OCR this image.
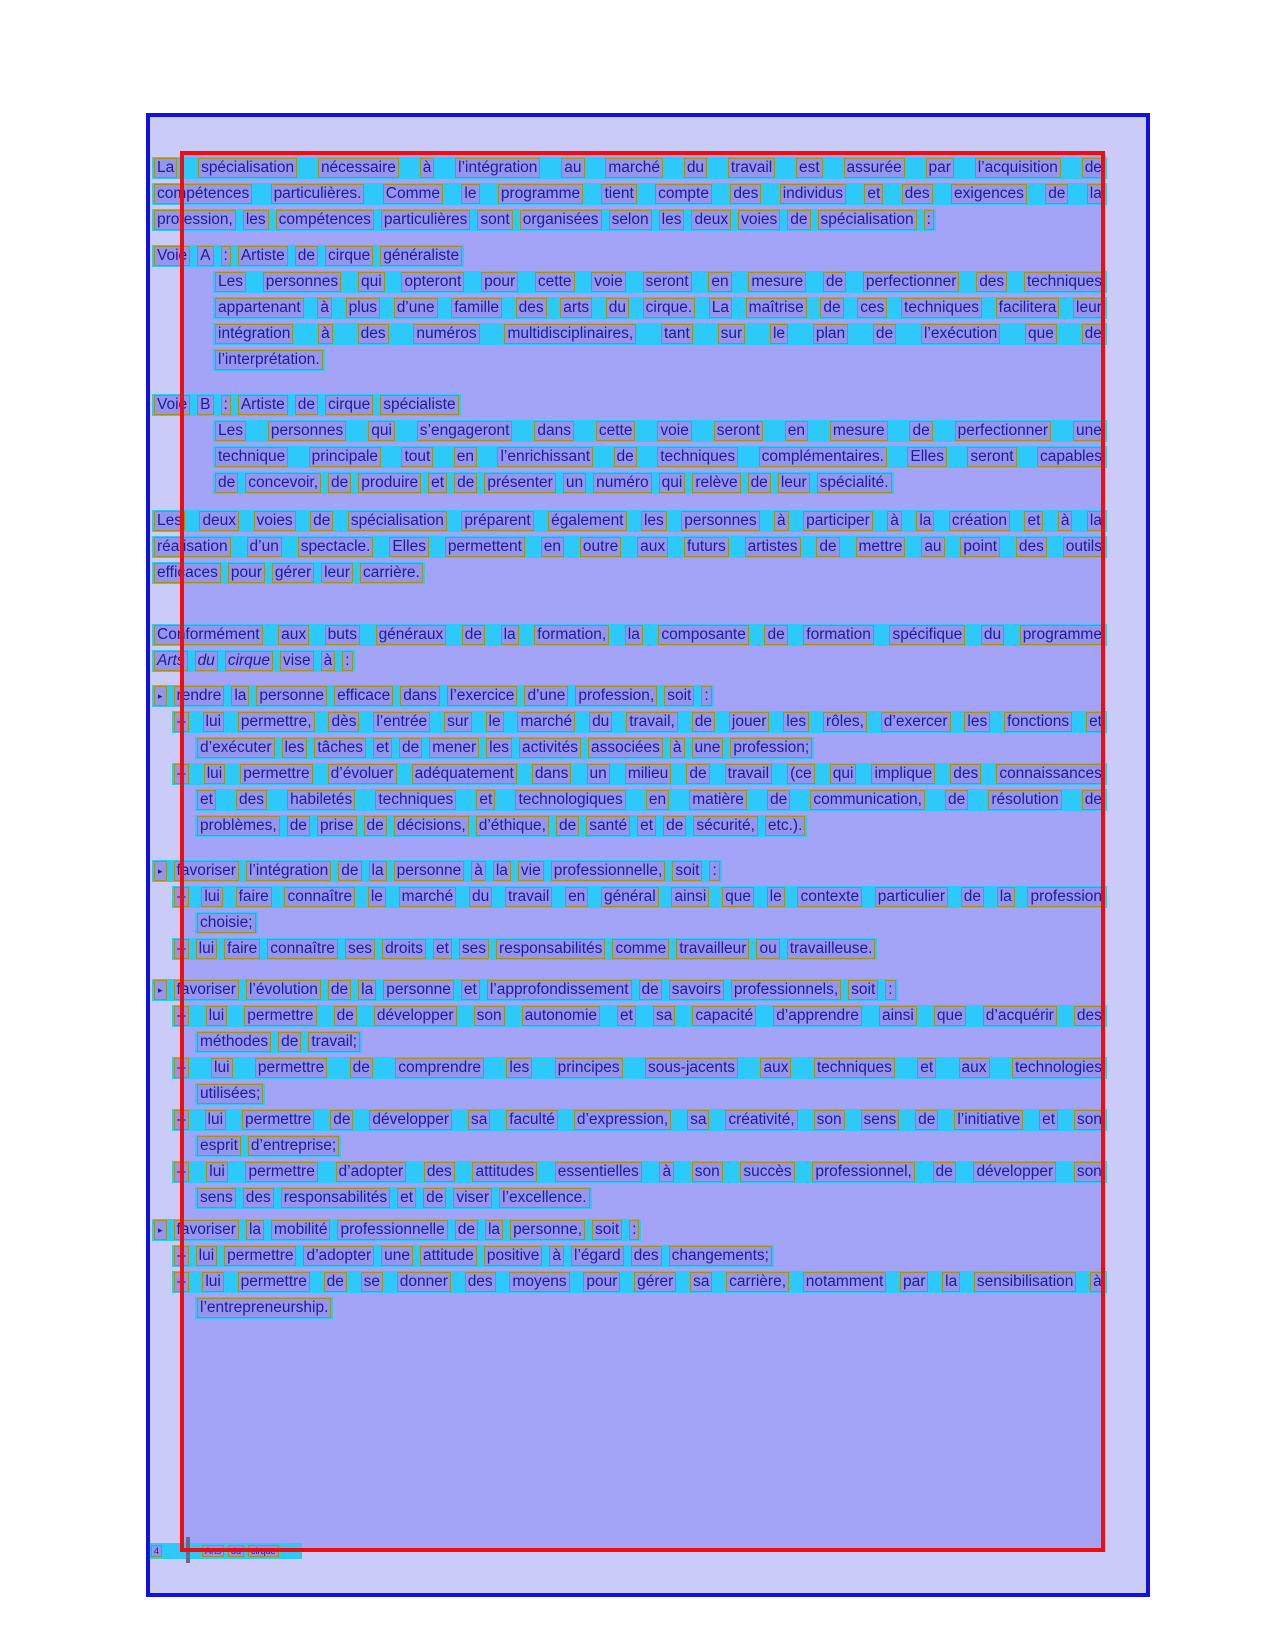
La spécialisation nécessaire à l’intégration au marché du travail est assurée par l’acquisition de
compétences particulières. Comme le programme tient compte des individus et des exigences de la
profession, les compétences particulières sont organisées selon les deux voies de spécialisation :
Voie A : Artiste de cirque généraliste
Les personnes qui opteront pour cette voie seront en mesure de perfectionner des techniques
appartenant à plus d’une famille des arts du cirque. La maîtrise de ces techniques facilitera leur
intégration à des numéros multidisciplinaires, tant sur le plan de l’exécution que de
l’interprétation.
Voie B : Artiste de cirque spécialiste
Les personnes qui s’engageront dans cette voie seront en mesure de perfectionner une
technique principale tout en l’enrichissant de techniques complémentaires. Elles seront capables
de concevoir, de produire et de présenter un numéro qui relève de leur spécialité.
Les deux voies de spécialisation préparent également les personnes à participer à la création et à la
réalisation d’un spectacle. Elles permettent en outre aux futurs artistes de mettre au point des outils
efficaces pour gérer leur carrière.
Conformément aux buts généraux de la formation, la composante de formation spécifique du programme
Arts du cirque vise à :
▸ rendre la personne efficace dans l’exercice d’une profession, soit :
– lui permettre, dès l’entrée sur le marché du travail, de jouer les rôles, d’exercer les fonctions et
d’exécuter les tâches et de mener les activités associées à une profession;
– lui permettre d’évoluer adéquatement dans un milieu de travail (ce qui implique des connaissances
et des habiletés techniques et technologiques en matière de communication, de résolution de
problèmes, de prise de décisions, d’éthique, de santé et de sécurité, etc.).
▸ favoriser l’intégration de la personne à la vie professionnelle, soit :
– lui faire connaître le marché du travail en général ainsi que le contexte particulier de la profession
choisie;
– lui faire connaître ses droits et ses responsabilités comme travailleur ou travailleuse.
▸ favoriser l’évolution de la personne et l’approfondissement de savoirs professionnels, soit :
– lui permettre de développer son autonomie et sa capacité d’apprendre ainsi que d’acquérir des
méthodes de travail;
– lui permettre de comprendre les principes sous-jacents aux techniques et aux technologies
utilisées;
– lui permettre de développer sa faculté d’expression, sa créativité, son sens de l’initiative et son
esprit d’entreprise;
– lui permettre d’adopter des attitudes essentielles à son succès professionnel, de développer son
sens des responsabilités et de viser l’excellence.
▸ favoriser la mobilité professionnelle de la personne, soit :
– lui permettre d’adopter une attitude positive à l’égard des changements;
– lui permettre de se donner des moyens pour gérer sa carrière, notamment par la sensibilisation à
l’entrepreneurship.
4	Arts	du	cirque
